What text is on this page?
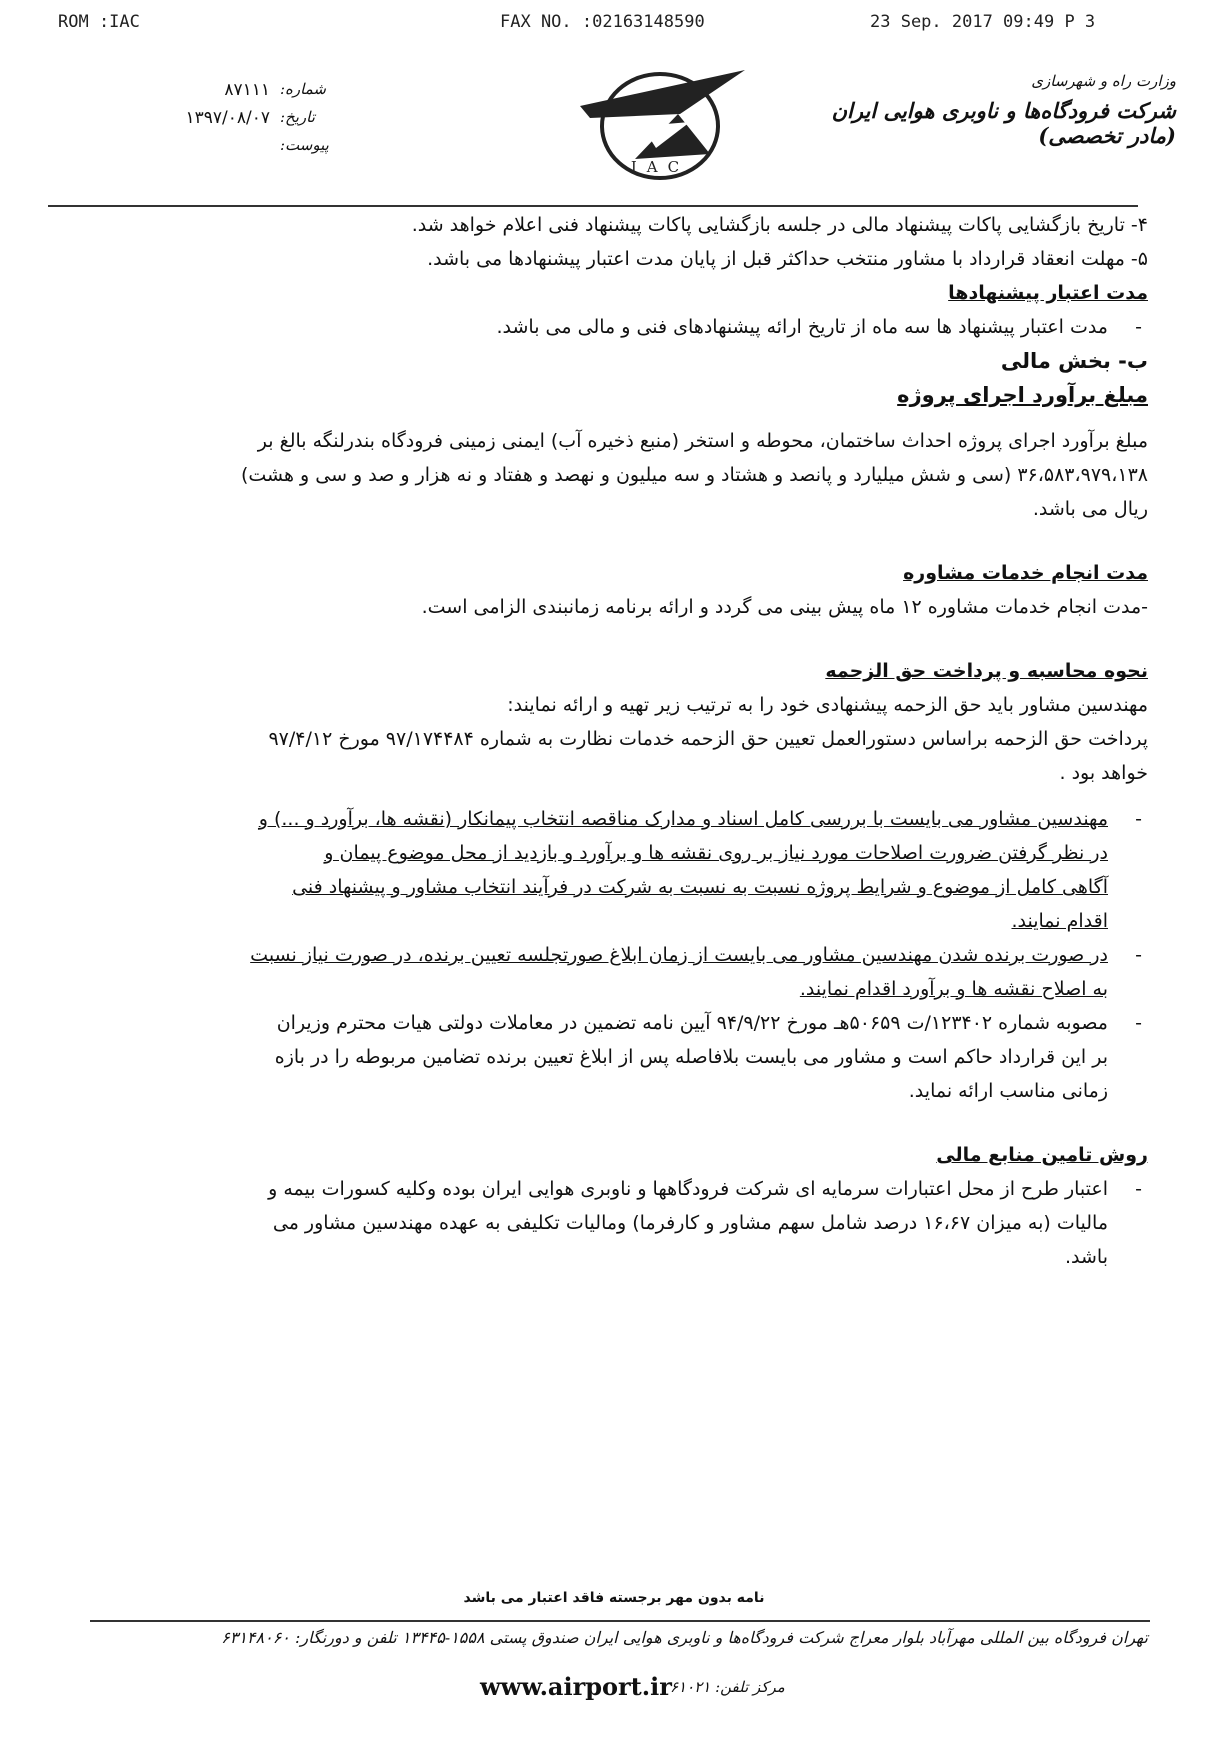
ROM :IAC	FAX NO. :02163148590	23 Sep. 2017 09:49 P 3
۸۷۱۱۱ شماره:
۱۳۹۷/۰۸/۰۷ تاریخ:
پیوست:
IAC
وزارت راه و شهرسازی
شرکت فرودگاه‌ها و ناوبری هوایی ایران (مادر تخصصی)

۴- تاریخ بازگشایی پاکات پیشنهاد مالی در جلسه بازگشایی پاکات پیشنهاد فنی اعلام خواهد شد.

۵- مهلت انعقاد قرارداد با مشاور منتخب حداکثر قبل از پایان مدت اعتبار پیشنهادها می باشد.

مدت اعتبار پیشنهادها

-
مدت اعتبار پیشنهاد ها سه ماه از تاریخ ارائه پیشنهادهای فنی و مالی می باشد.

ب- بخش مالی

مبلغ برآورد اجرای پروژه

مبلغ برآورد اجرای پروژه احداث ساختمان، محوطه و استخر (منبع ذخیره آب) ایمنی زمینی فرودگاه بندرلنگه بالغ بر

۳۶،۵۸۳،۹۷۹،۱۳۸ (سی و شش میلیارد و پانصد و هشتاد و سه میلیون و نهصد و هفتاد و نه هزار و صد و سی و هشت)

ریال می باشد.

مدت انجام خدمات مشاوره

-مدت انجام خدمات مشاوره ۱۲ ماه پیش بینی می گردد و ارائه برنامه زمانبندی الزامی است.

نحوه محاسبه و پرداخت حق الزحمه

مهندسین مشاور باید حق الزحمه پیشنهادی خود را به ترتیب زیر تهیه و ارائه نمایند:

پرداخت حق الزحمه براساس دستورالعمل تعیین حق الزحمه خدمات نظارت به شماره ۹۷/۱۷۴۴۸۴ مورخ ۹۷/۴/۱۲

خواهد بود .

-

مهندسین مشاور می بایست با بررسی کامل اسناد و مدارک مناقصه انتخاب پیمانکار (نقشه ها، برآورد و ...) و

در نظر گرفتن ضرورت اصلاحات مورد نیاز بر روی نقشه ها و برآورد و بازدید از محل موضوع پیمان و

آگاهی کامل از موضوع و شرایط پروژه نسبت به نسبت به شرکت در فرآیند انتخاب مشاور و پیشنهاد فنی

اقدام نمایند.

-

در صورت برنده شدن مهندسین مشاور می بایست از زمان ابلاغ صورتجلسه تعیین برنده، در صورت نیاز نسبت

به اصلاح نقشه ها و برآورد اقدام نمایند.

-

مصوبه شماره ۱۲۳۴۰۲/ت ۵۰۶۵۹هـ مورخ ۹۴/۹/۲۲ آیین نامه تضمین در معاملات دولتی هیات محترم وزیران

بر این قرارداد حاکم است و مشاور می بایست بلافاصله پس از ابلاغ تعیین برنده تضامین مربوطه را در بازه

زمانی مناسب ارائه نماید.

روش تامین منابع مالی

-

اعتبار طرح از محل اعتبارات سرمایه ای شرکت فرودگاهها و ناوبری هوایی ایران بوده وکلیه کسورات بیمه و

مالیات (به میزان ۱۶،۶۷ درصد شامل سهم مشاور و کارفرما) ومالیات تکلیفی به عهده مهندسین مشاور می

باشد.

نامه بدون مهر برجسته فاقد اعتبار می باشد
تهران فرودگاه بین المللی مهرآباد بلوار معراج شرکت فرودگاه‌ها و ناوبری هوایی ایران صندوق پستی ۱۵۵۸-۱۳۴۴۵ تلفن و دورنگار: ۶۳۱۴۸۰۶۰
www.airport.ir
مرکز تلفن: ۶۱۰۲۱
